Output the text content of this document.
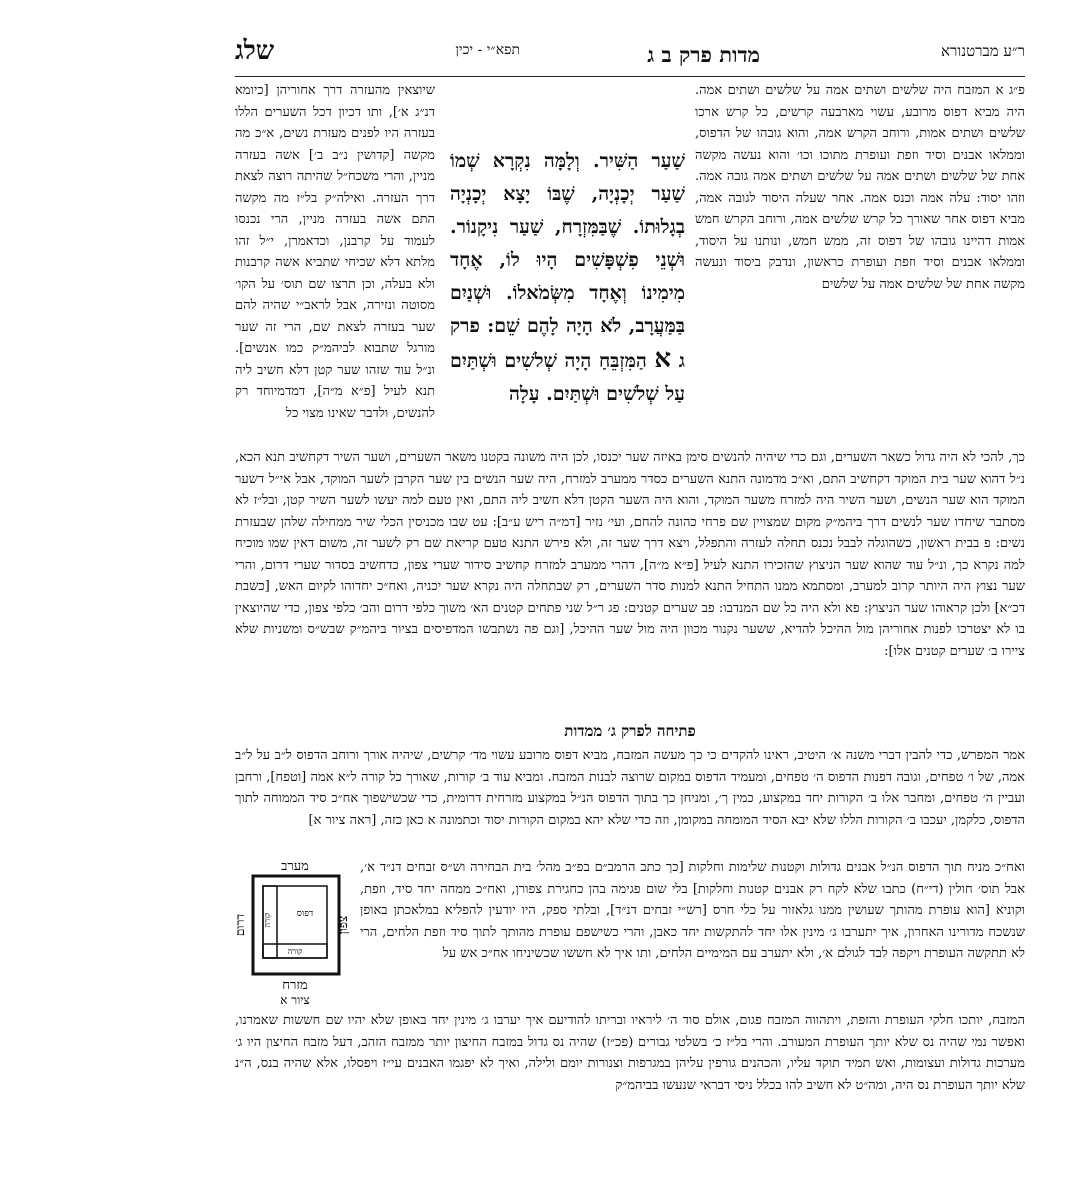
ר״ע מברטנורא
מדות פרק ב ג
תפא״י - יכין
שלג
פ״ג א המזבח היה שלשים ושתים אמה על שלשים ושתים אמה. היה מביא דפוס מרובע, עשוי מארבעה קרשים, כל קרש ארכו שלשים ושתים אמות, ורוחב הקרש אמה, והוא גובהו של הדפוס, וממלאו אבנים וסיד וזפת ועופרת מתוכו וכו׳ והוא נעשה מקשה אחת של שלשים ושתים אמה על שלשים ושתים אמה גובה אמה. וזהו יסוד: עלה אמה וכנס אמה. אחר שעלה היסוד לגובה אמה, מביא דפוס אחר שאורך כל קרש שלשים אמה, ורוחב הקרש חמש אמות דהיינו גובהו של דפוס זה, ממש חמש, ונותנו על היסוד, וממלאו אבנים וסיד וזפת ועופרת כראשון, ונדבק ביסוד ונעשה מקשה אחת של שלשים אמה על שלשים
שיוצאין מהעזרה דרך אחוריהן [כיומא דנ״ג א׳], ותו דכיון דכל השערים הללו בעזרה היו לפנים מעזרת נשים, א״כ מה מקשה [קדושין נ״ב ב׳] אשה בעזרה מניין, והרי משכח״ל שהיתה רוצה לצאת דרך העזרה. ואילה״ק בל״ז מה מקשה התם אשה בעזרה מניין, הרי נכנסו לעמוד על קרבנן, וכדאמרן, י״ל זהו מלתא דלא שכיחי שתביא אשה קרבנות ולא בעלה, וכן תרצו שם תוס׳ על הקו׳ מסוטה ונזירה, אבל לראב״י שהיה להם שער בעזרה לצאת שם, הרי זה שער מורגל שתבוא לביהמ״ק כמו אנשים]. ונ״ל עוד שזהו שער קטן דלא חשיב ליה תנא לעיל [פ״א מ״ה], דמדמיוחד רק להנשים, ולדבר שאינו מצוי כל
שַׁעַר הַשִּׁיר. וְלָמָּה נִקְרָא שְׁמוֹ שַׁעַר יְכָנְיָה, שֶׁבּוֹ יָצָא יְכָנְיָה בְגָלוּתוֹ. שֶׁבַּמִּזְרָח, שַׁעַר נִיקָנוֹר. וּשְׁנֵי פִשְׁפָּשִׁים הָיוּ לוֹ, אֶחָד מִימִינוֹ וְאֶחָד מִשְּׂמֹאלוֹ. וּשְׁנַיִם בַּמַּעֲרָב, לֹא הָיָה לָהֶם שֵׁם: פרק ג א הַמִּזְבֵּחַ הָיָה שְׁלשִׁים וּשְׁתַּיִם עַל שְׁלשִׁים וּשְׁתַּיִם. עָלָה
כך, להכי לא היה גדול כשאר השערים, וגם כדי שיהיה להנשים סימן באיזה שער יכנסו, לכן היה משונה בקטנו משאר השערים, ושער השיר דקחשיב תנא הכא, נ״ל דהוא שער בית המוקד דקחשיב התם, וא״כ מדמונה התנא השערים כסדר ממערב למזרח, היה שער הנשים בין שער הקרבן לשער המוקד, אבל אי״ל דשער המוקד הוא שער הנשים, ושער השיר היה למזרח משער המוקד, והוא היה השער הקטן דלא חשיב ליה התם, ואין טעם למה יעשו לשער השיר קטן, ובל״ז לא מסתבר שיחדו שער לנשים דרך ביהמ״ק מקום שמצויין שם פרחי כהונה להחם, ועי׳ נזיר [דמ״ה ריש ע״ב]: עט שבו מכניסין הכלי שיר ממחילה שלהן שבעזרת נשים: פ בבית ראשון, כשהוגלה לבבל נכנס תחלה לעזרה והתפלל, ויצא דרך שער זה, ולא פירש התנא טעם קריאת שם רק לשער זה, משום דאין שמו מוכיח למה נקרא כך, ונ״ל עוד שהוא שער הניצוץ שהזכירו התנא לעיל [פ״א מ״ה], דהרי ממערב למזרח קחשיב סידור שערי צפון, כדחשיב בסדור שערי דרום, והרי שער נצוץ היה היותר קרוב למערב, ומסתמא ממנו התחיל התנא למנות סדר השערים, רק שבתחלה היה נקרא שער יכניה, ואח״כ יחדוהו לקיום האש, [כשבת דכ״א] ולכן קראוהו שער הניצוץ: פא ולא היה כל שם המנדבו: פב שערים קטנים: פג ר״ל שני פתחים קטנים הא׳ משוך כלפי דרום והב׳ כלפי צפון, כדי שהיוצאין בו לא יצטרכו לפנות אחוריהן מול ההיכל להדיא, ששער נקנור מכוון היה מול שער ההיכל, [וגם פה נשתבשו המדפיסים בציור ביהמ״ק שבש״ס ומשניות שלא ציירו ב׳ שערים קטנים אלו]:
פתיחה לפרק ג׳ ממדות
אמר המפרש, כדי להבין דברי משנה א׳ היטיב, ראינו להקדים כי כך מעשה המזבח, מביא דפוס מרובע עשוי מד׳ קרשים, שיהיה אורך ורוחב הדפוס ל״ב על ל״ב אמה, של ו׳ טפחים, וגובה דפנות הדפוס ה׳ טפחים, ומעמיד הדפוס במקום שרוצה לבנות המזבח. ומביא עוד ב׳ קורות, שאורך כל קורה ל״א אמה [וטפח], ורחבן ועביין ה׳ טפחים, ומחבר אלו ב׳ הקורות יחד במקצוע, כמין ך׳, ומניחן כך בתוך הדפוס הנ״ל במקצוע מזרחית דרומית, כדי שכשישפוך אח״כ סיד הממוחה לתוך הדפוס, כלקמן, יעכבו ב׳ הקורות הללו שלא יבא הסיד המומחה במקומן, וזה כדי שלא יהא במקום הקורות יסוד וכתמונה א כאן כזה, [ראה ציור א]
ואח״כ מניח תוך הדפוס הנ״ל אבנים גדולות וקטנות שלימות וחלקות [כך כתב הרמב״ם בפ״ב מהל׳ בית הבחירה וש״ס זבחים דנ״ד א׳, אבל תוס׳ חולין (די״ח) כתבו שלא לקח רק אבנים קטנות וחלקות] בלי שום פגימה בהן כחגירת צפורן, ואח״כ ממחה יחד סיד, וזפת, וקוניא [הוא עופרת מהותך שעושין ממנו גלאזור על כלי חרס [רש״י זבחים דנ״ד], ובלתי ספק, היו יודעין להפליא במלאכתן באופן שנשכח מדורינו האחרון, איך יתערבו ג׳ מינין אלו יחד להתקשות יחד כאבן, והרי כשישפם עופרת מהותך לתוך סיד וזפת הלחים, הרי לא תתקשה העופרת ויקפה לבד לגולם א׳, ולא יתערב עם המימיים הלחים, ותו איך לא חששו שכשיניחו אח״כ אש על
מערב
דפוס
קורה
קורה
דרום	צפון
מזרח
ציור א
המזבח, יותכו חלקי העופרת והזפת, ויתהווה המזבח פגום, אולם סוד ה׳ ליראיו ובריתו להודיעם איך יערבו ג׳ מינין יחד באופן שלא יהיו שם חששות שאמרנו, ואפשר נמי שהיה נס שלא יותך העופרת המעורב. והרי בל״ז כ׳ בשלטי גבורים (פכ״ז) שהיה נס גדול במזבח החיצון יותר ממזבח הזהב, דעל מזבח החיצון היו ג׳ מערכות גדולות ועצומות, ואש תמיד תוקד עליו, והכהנים גורפין עליהן במגרפות וצנורות יומם ולילה, ואיך לא יפגמו האבנים עי״ז ויפסלו, אלא שהיה בנס, ה״נ שלא יותך העופרת נס היה, ומה״ט לא חשיב להו בכלל ניסי דבראי שנעשו בביהמ״ק
